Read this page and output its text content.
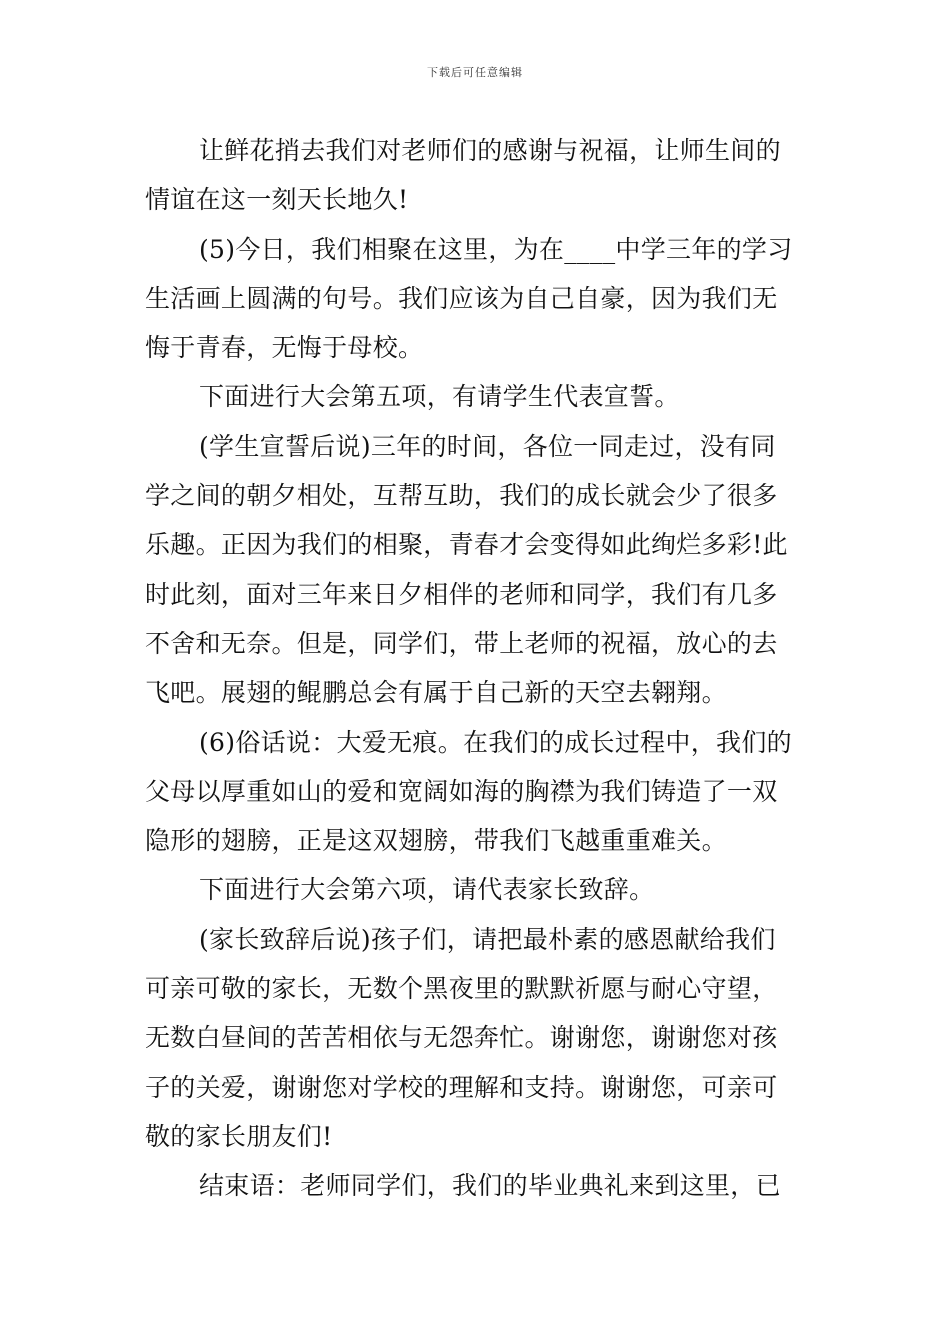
下载后可任意编辑
让鲜花捎去我们对老师们的感谢与祝福，让师生间的
情谊在这一刻天长地久!
(5)今日，我们相聚在这里，为在____中学三年的学习
生活画上圆满的句号。我们应该为自己自豪，因为我们无
悔于青春，无悔于母校。
下面进行大会第五项，有请学生代表宣誓。
(学生宣誓后说)三年的时间，各位一同走过，没有同
学之间的朝夕相处，互帮互助，我们的成长就会少了很多
乐趣。正因为我们的相聚，青春才会变得如此绚烂多彩!此
时此刻，面对三年来日夕相伴的老师和同学，我们有几多
不舍和无奈。但是，同学们，带上老师的祝福，放心的去
飞吧。展翅的鲲鹏总会有属于自己新的天空去翱翔。
(6)俗话说：大爱无痕。在我们的成长过程中，我们的
父母以厚重如山的爱和宽阔如海的胸襟为我们铸造了一双
隐形的翅膀，正是这双翅膀，带我们飞越重重难关。
下面进行大会第六项，请代表家长致辞。
(家长致辞后说)孩子们，请把最朴素的感恩献给我们
可亲可敬的家长，无数个黑夜里的默默祈愿与耐心守望，
无数白昼间的苦苦相依与无怨奔忙。谢谢您，谢谢您对孩
子的关爱，谢谢您对学校的理解和支持。谢谢您，可亲可
敬的家长朋友们!
结束语：老师同学们，我们的毕业典礼来到这里，已
